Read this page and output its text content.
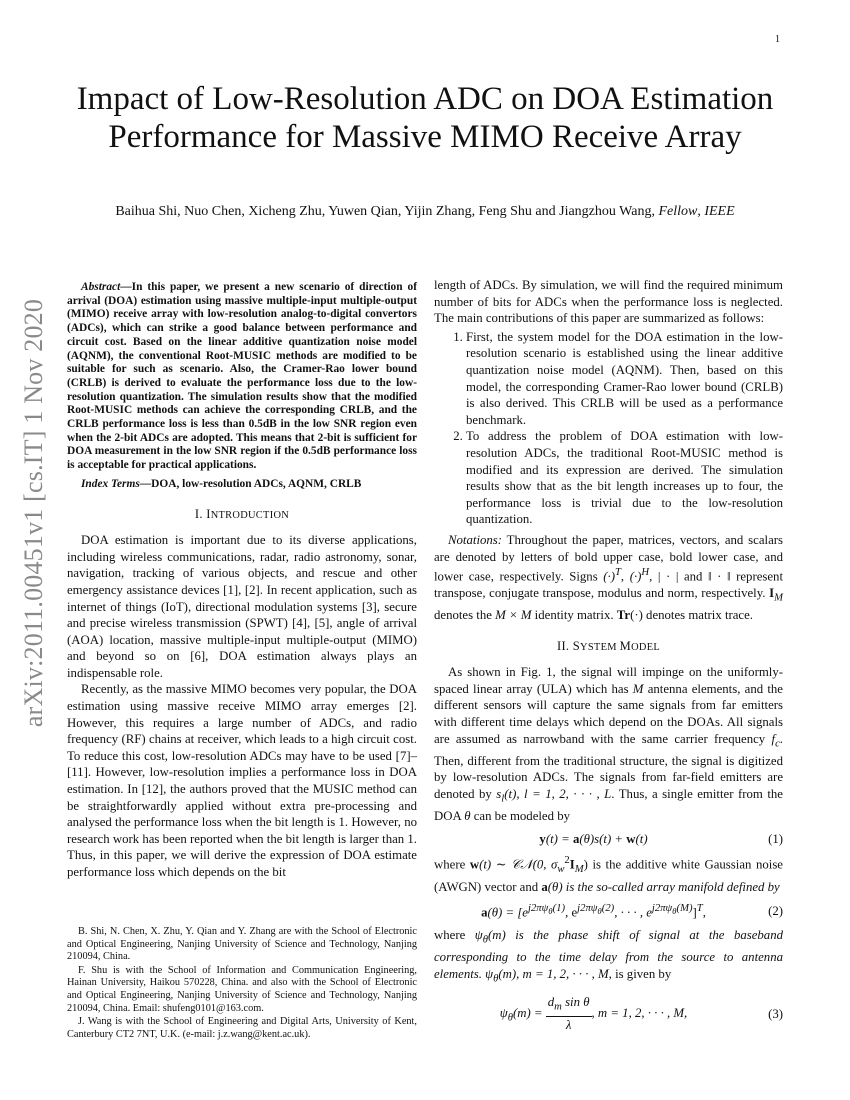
1
arXiv:2011.00451v1 [cs.IT] 1 Nov 2020
Impact of Low-Resolution ADC on DOA Estimation Performance for Massive MIMO Receive Array
Baihua Shi, Nuo Chen, Xicheng Zhu, Yuwen Qian, Yijin Zhang, Feng Shu and Jiangzhou Wang, Fellow, IEEE

Abstract—In this paper, we present a new scenario of direction of arrival (DOA) estimation using massive multiple-input multiple-output (MIMO) receive array with low-resolution analog-to-digital convertors (ADCs), which can strike a good balance between performance and circuit cost. Based on the linear additive quantization noise model (AQNM), the conventional Root-MUSIC methods are modified to be suitable for such as scenario. Also, the Cramer-Rao lower bound (CRLB) is derived to evaluate the performance loss due to the low-resolution quantization. The simulation results show that the modified Root-MUSIC methods can achieve the corresponding CRLB, and the CRLB performance loss is less than 0.5dB in the low SNR region even when the 2-bit ADCs are adopted. This means that 2-bit is sufficient for DOA measurement in the low SNR region if the 0.5dB performance loss is acceptable for practical applications.

Index Terms—DOA, low-resolution ADCs, AQNM, CRLB

I. INTRODUCTION

DOA estimation is important due to its diverse applications, including wireless communications, radar, radio astronomy, sonar, navigation, tracking of various objects, and rescue and other emergency assistance devices [1], [2]. In recent application, such as internet of things (IoT), directional modulation systems [3], secure and precise wireless transmission (SPWT) [4], [5], angle of arrival (AOA) location, massive multiple-input multiple-output (MIMO) and beyond so on [6], DOA estimation always plays an indispensable role.

Recently, as the massive MIMO becomes very popular, the DOA estimation using massive receive MIMO array emerges [2]. However, this requires a large number of ADCs, and radio frequency (RF) chains at receiver, which leads to a high circuit cost. To reduce this cost, low-resolution ADCs may have to be used [7]–[11]. However, low-resolution implies a performance loss in DOA estimation. In [12], the authors proved that the MUSIC method can be straightforwardly applied without extra pre-processing and analysed the performance loss when the bit length is 1. However, no research work has been reported when the bit length is larger than 1. Thus, in this paper, we will derive the expression of DOA estimate performance loss which depends on the bit

B. Shi, N. Chen, X. Zhu, Y. Qian and Y. Zhang are with the School of Electronic and Optical Engineering, Nanjing University of Science and Technology, Nanjing 210094, China.

F. Shu is with the School of Information and Communication Engineering, Hainan University, Haikou 570228, China. and also with the School of Electronic and Optical Engineering, Nanjing University of Science and Technology, Nanjing 210094, China. Email: shufeng0101@163.com.

J. Wang is with the School of Engineering and Digital Arts, University of Kent, Canterbury CT2 7NT, U.K. (e-mail: j.z.wang@kent.ac.uk).

length of ADCs. By simulation, we will find the required minimum number of bits for ADCs when the performance loss is neglected. The main contributions of this paper are summarized as follows:

1. First, the system model for the DOA estimation in the low-resolution scenario is established using the linear additive quantization noise model (AQNM). Then, based on this model, the corresponding Cramer-Rao lower bound (CRLB) is also derived. This CRLB will be used as a performance benchmark.
2. To address the problem of DOA estimation with low-resolution ADCs, the traditional Root-MUSIC method is modified and its expression are derived. The simulation results show that as the bit length increases up to four, the performance loss is trivial due to the low-resolution quantization.

Notations: Throughout the paper, matrices, vectors, and scalars are denoted by letters of bold upper case, bold lower case, and lower case, respectively. Signs $(\cdot)^T$, $(\cdot)^H$, | · | and ‖ · ‖ represent transpose, conjugate transpose, modulus and norm, respectively. $I_M$ denotes the M × M identity matrix. Tr(·) denotes matrix trace.

II. SYSTEM MODEL

As shown in Fig. 1, the signal will impinge on the uniformly-spaced linear array (ULA) which has M antenna elements, and the different sensors will capture the same signals from far emitters with different time delays which depend on the DOAs. All signals are assumed as narrowband with the same carrier frequency $f_c$. Then, different from the traditional structure, the signal is digitized by low-resolution ADCs. The signals from far-field emitters are denoted by $s_l(t)$, l = 1, 2, · · · , L. Thus, a single emitter from the DOA θ can be modeled by

y(t) = a(θ)s(t) + w(t)	(1)

where w(t) ∼ 𝒞𝒩(0, $\sigma_w^2I_M$) is the additive white Gaussian noise (AWGN) vector and a(θ) is the so-called array manifold defined by

$a(\theta) = [e^{j2\pi\psi_\theta(1)}$, $e^{j2\pi\psi_\theta(2)}$, · · · , $e^{j2\pi\psi_\theta(M)}]^T$,	(2)

where $\psi_\theta(m)$ is the phase shift of signal at the baseband corresponding to the time delay from the source to antenna elements. $\psi_\theta(m)$, m = 1, 2, · · · , M, is given by

$\psi_\theta(m) = \frac{d_m \sin \theta}{\lambda}$ , m = 1, 2, · · · , M,	(3)
